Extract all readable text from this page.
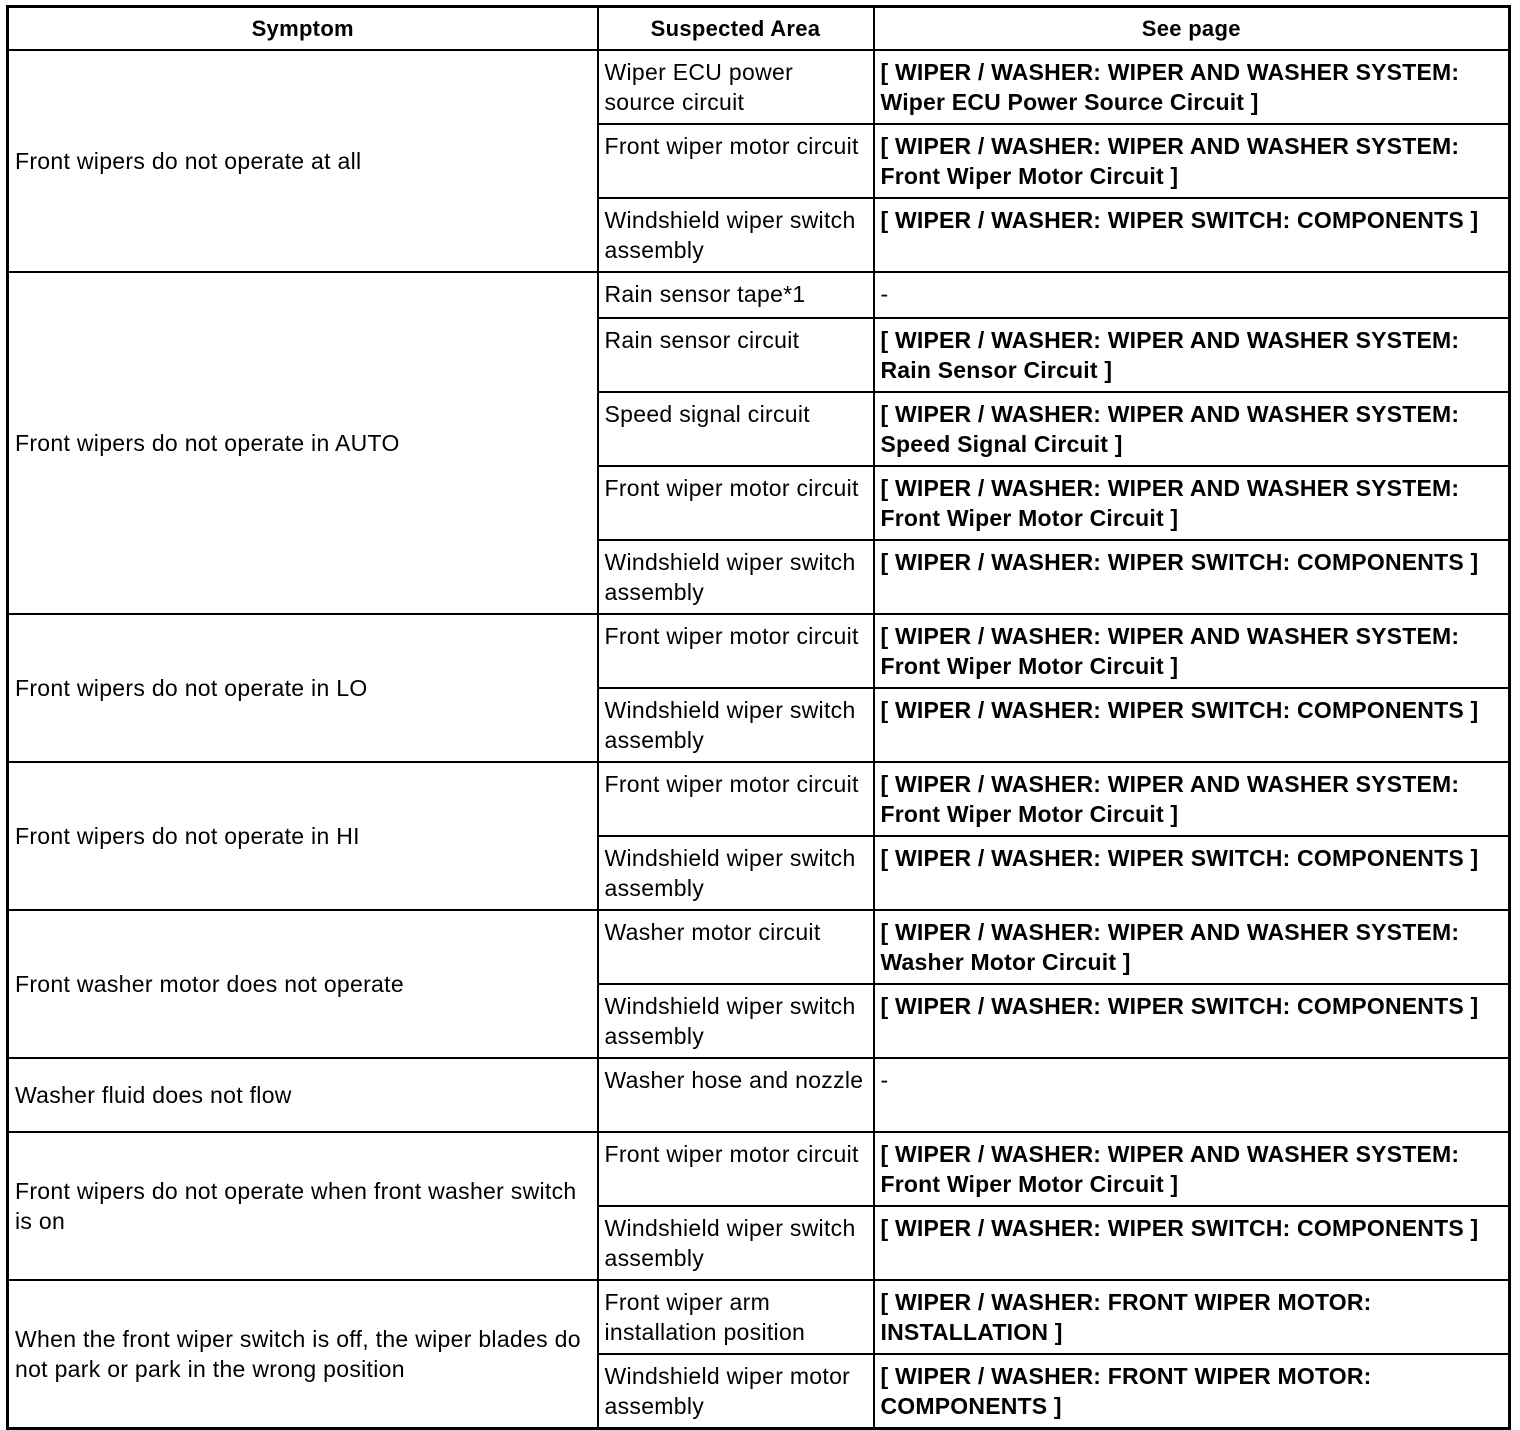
Symptom	Suspected Area	See page
Front wipers do not operate at all	Wiper ECU power source circuit	[ WIPER / WASHER: WIPER AND WASHER SYSTEM: Wiper ECU Power Source Circuit ]
	Front wiper motor circuit	[ WIPER / WASHER: WIPER AND WASHER SYSTEM: Front Wiper Motor Circuit ]
	Windshield wiper switch assembly	[ WIPER / WASHER: WIPER SWITCH: COMPONENTS ]
Front wipers do not operate in AUTO	Rain sensor tape*1	-
	Rain sensor circuit	[ WIPER / WASHER: WIPER AND WASHER SYSTEM: Rain Sensor Circuit ]
	Speed signal circuit	[ WIPER / WASHER: WIPER AND WASHER SYSTEM: Speed Signal Circuit ]
	Front wiper motor circuit	[ WIPER / WASHER: WIPER AND WASHER SYSTEM: Front Wiper Motor Circuit ]
	Windshield wiper switch assembly	[ WIPER / WASHER: WIPER SWITCH: COMPONENTS ]
Front wipers do not operate in LO	Front wiper motor circuit	[ WIPER / WASHER: WIPER AND WASHER SYSTEM: Front Wiper Motor Circuit ]
	Windshield wiper switch assembly	[ WIPER / WASHER: WIPER SWITCH: COMPONENTS ]
Front wipers do not operate in HI	Front wiper motor circuit	[ WIPER / WASHER: WIPER AND WASHER SYSTEM: Front Wiper Motor Circuit ]
	Windshield wiper switch assembly	[ WIPER / WASHER: WIPER SWITCH: COMPONENTS ]
Front washer motor does not operate	Washer motor circuit	[ WIPER / WASHER: WIPER AND WASHER SYSTEM: Washer Motor Circuit ]
	Windshield wiper switch assembly	[ WIPER / WASHER: WIPER SWITCH: COMPONENTS ]
Washer fluid does not flow	Washer hose and nozzle	-
Front wipers do not operate when front washer switch is on	Front wiper motor circuit	[ WIPER / WASHER: WIPER AND WASHER SYSTEM: Front Wiper Motor Circuit ]
	Windshield wiper switch assembly	[ WIPER / WASHER: WIPER SWITCH: COMPONENTS ]
When the front wiper switch is off, the wiper blades do not park or park in the wrong position	Front wiper arm installation position	[ WIPER / WASHER: FRONT WIPER MOTOR: INSTALLATION ]
	Windshield wiper motor assembly	[ WIPER / WASHER: FRONT WIPER MOTOR: COMPONENTS ]
